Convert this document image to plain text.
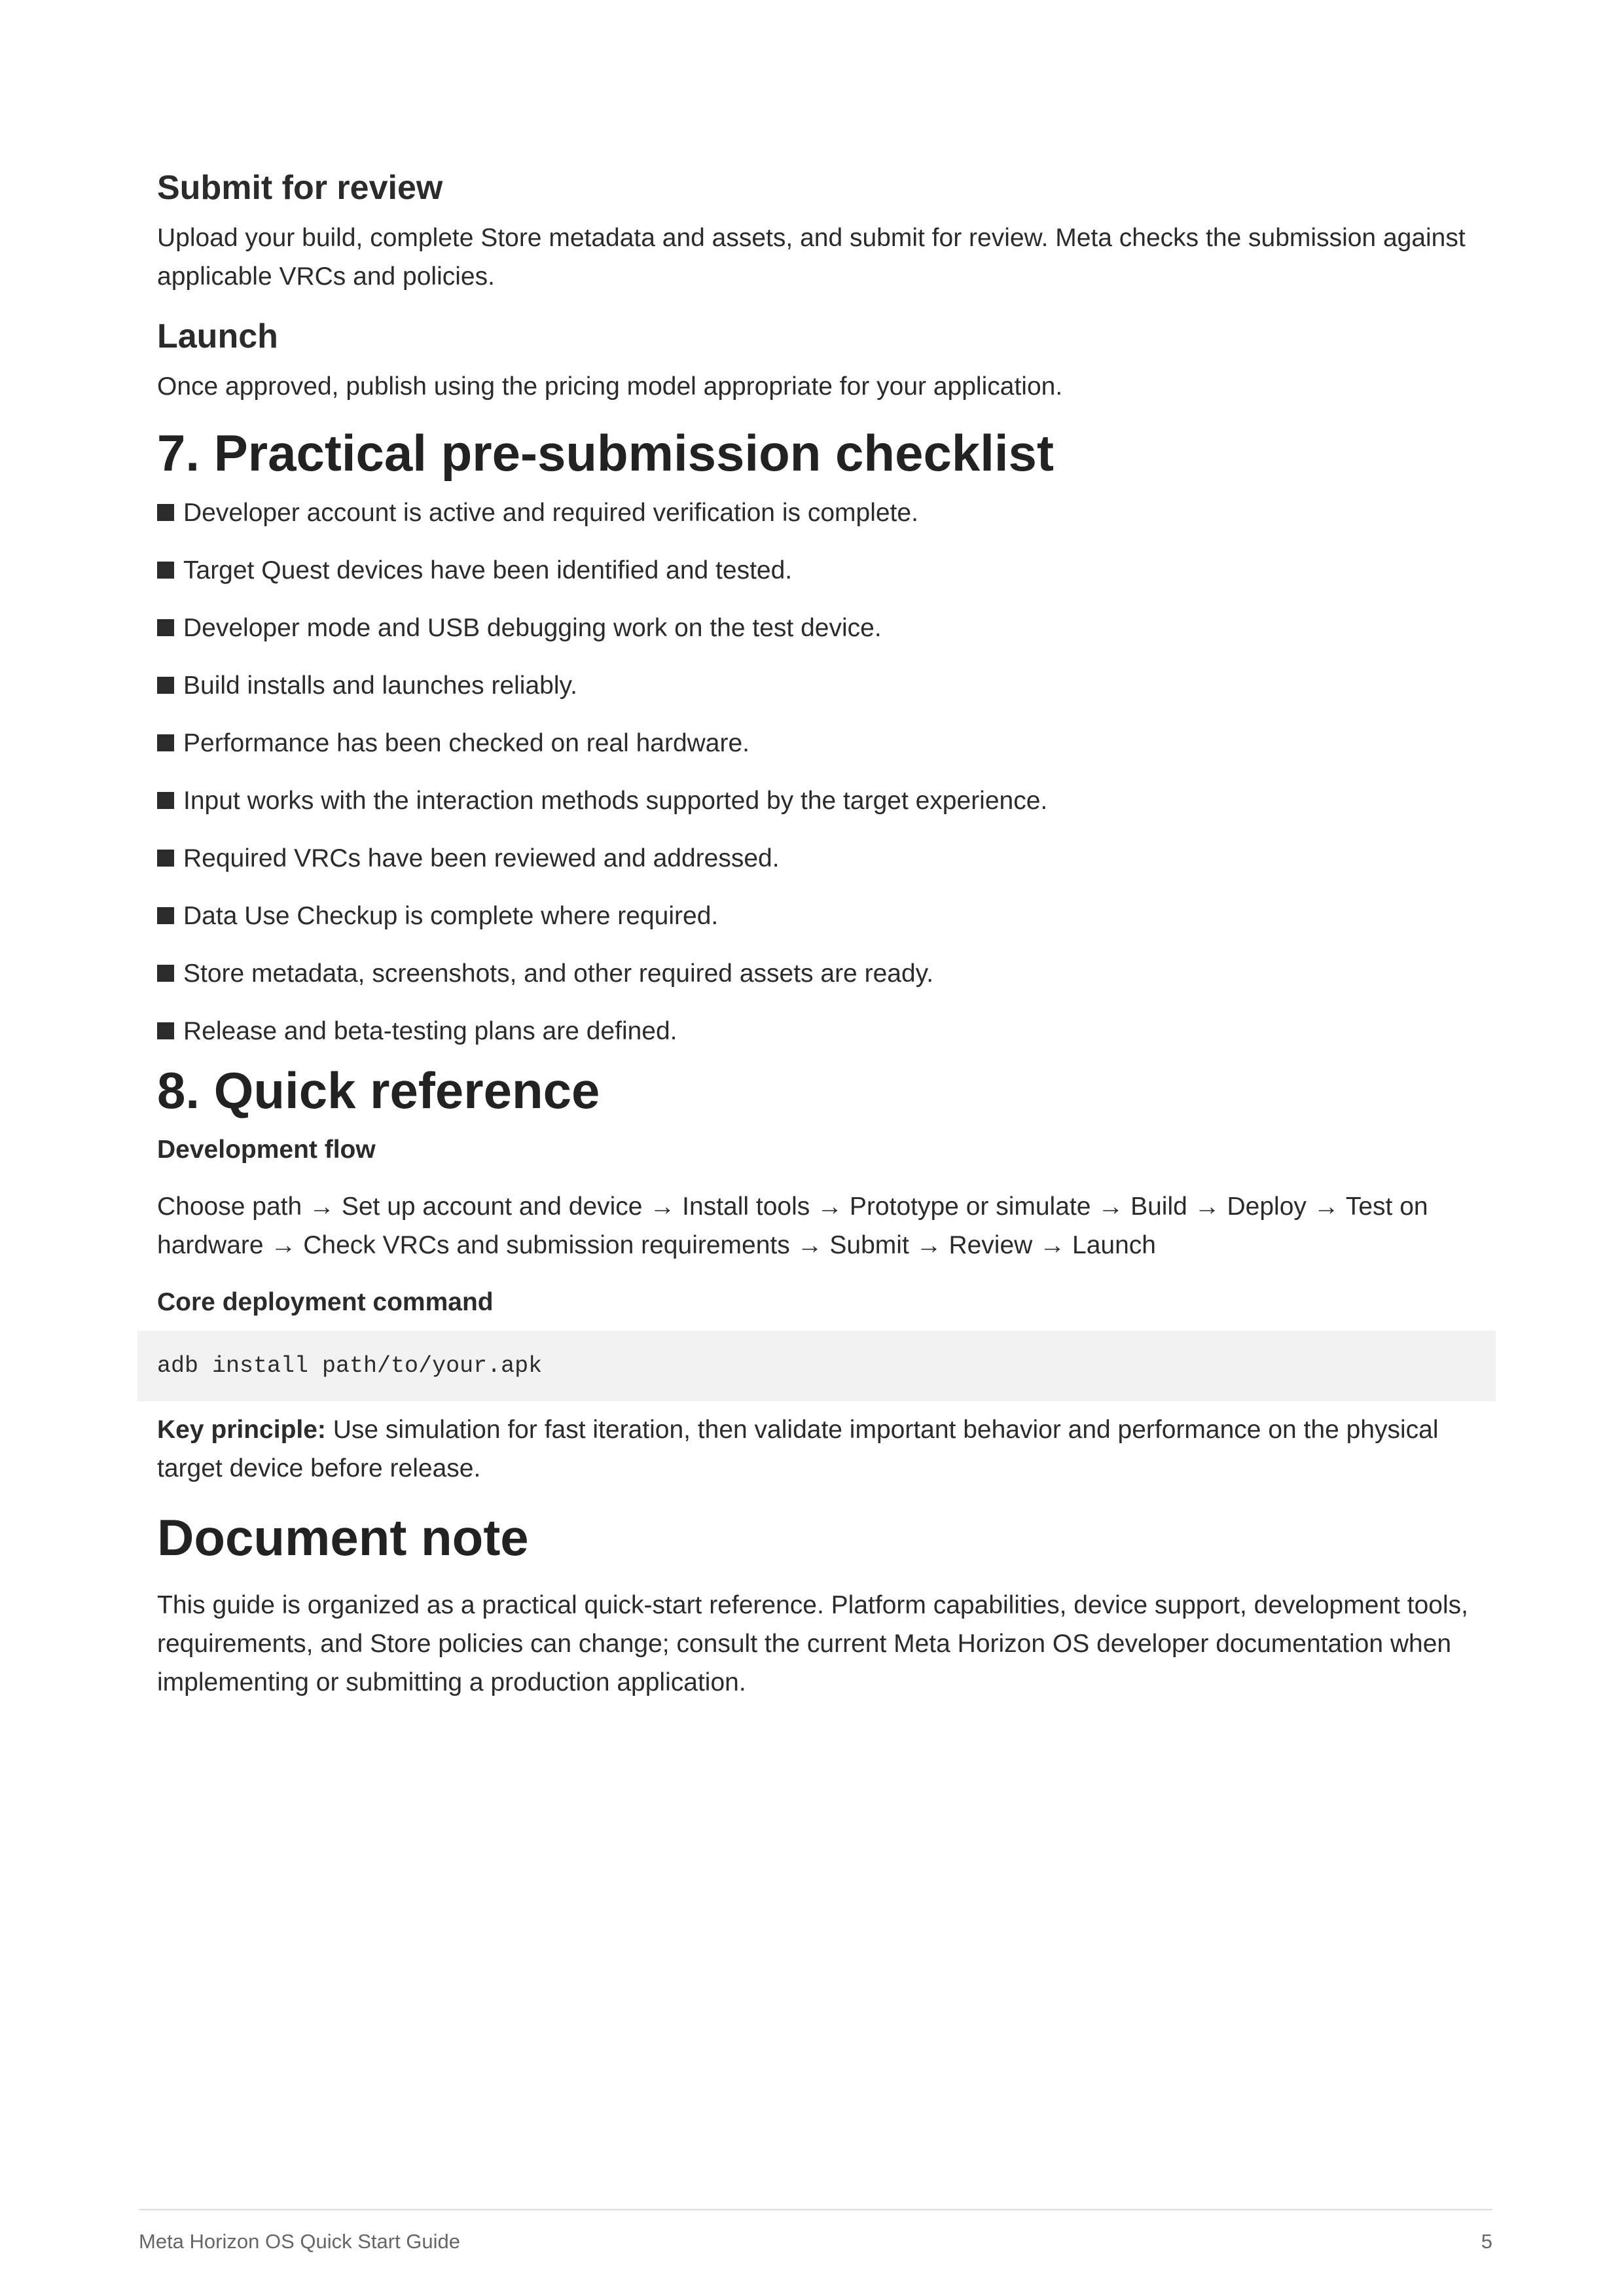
Submit for review

Upload your build, complete Store metadata and assets, and submit for review. Meta checks the submission against applicable VRCs and policies.

Launch

Once approved, publish using the pricing model appropriate for your application.

7. Practical pre-submission checklist
Developer account is active and required verification is complete.
Target Quest devices have been identified and tested.
Developer mode and USB debugging work on the test device.
Build installs and launches reliably.
Performance has been checked on real hardware.
Input works with the interaction methods supported by the target experience.
Required VRCs have been reviewed and addressed.
Data Use Checkup is complete where required.
Store metadata, screenshots, and other required assets are ready.
Release and beta-testing plans are defined.
8. Quick reference

Development flow

Choose path → Set up account and device → Install tools → Prototype or simulate → Build → Deploy → Test on hardware → Check VRCs and submission requirements → Submit → Review → Launch

Core deployment command

adb install path/to/your.apk

Key principle: Use simulation for fast iteration, then validate important behavior and performance on the physical target device before release.

Document note

This guide is organized as a practical quick-start reference. Platform capabilities, device support, development tools, requirements, and Store policies can change; consult the current Meta Horizon OS developer documentation when implementing or submitting a production application.

Meta Horizon OS Quick Start Guide	5
